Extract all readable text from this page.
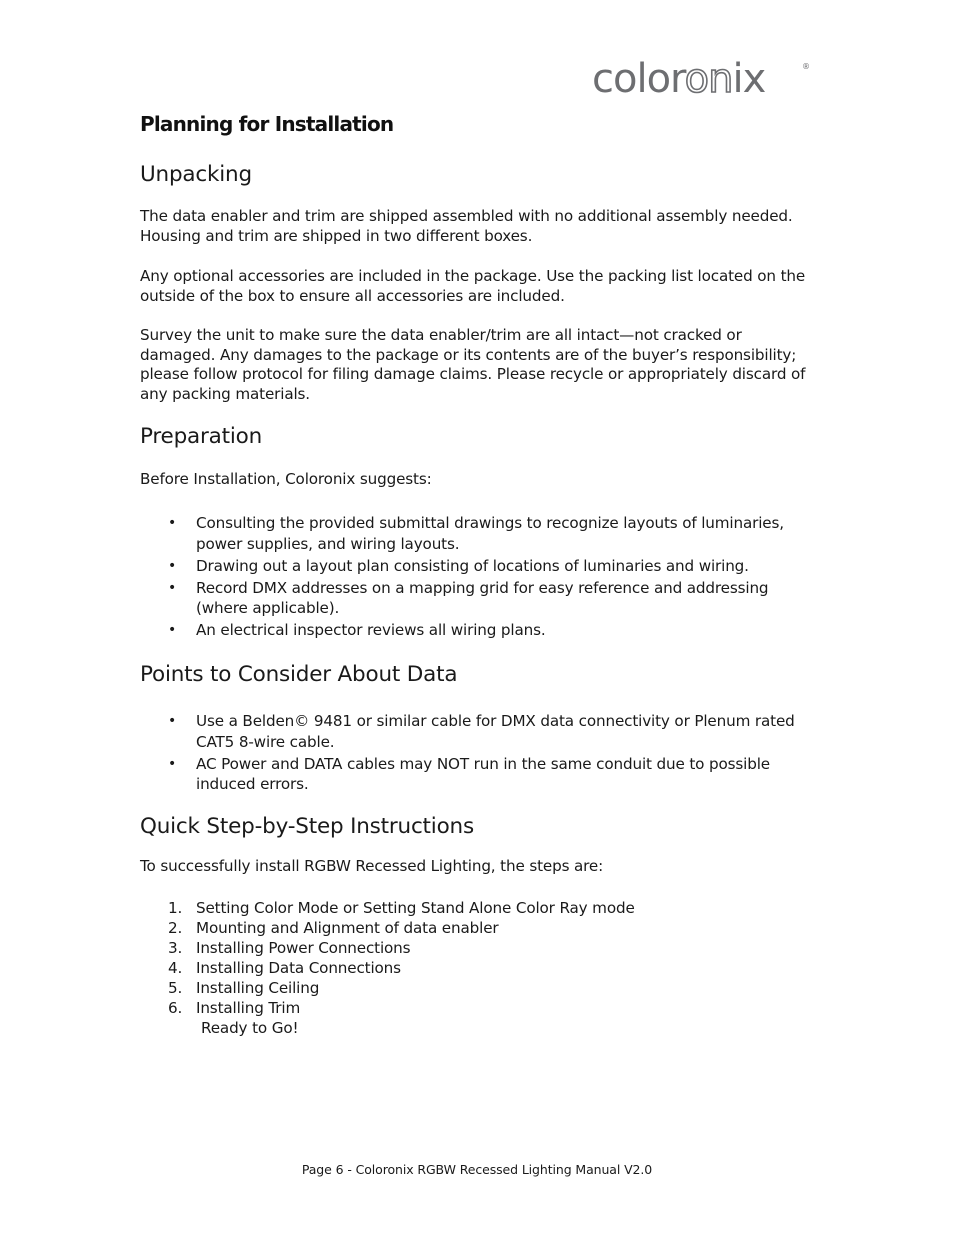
coloronix	®
Planning for Installation
Unpacking

The data enabler and trim are shipped assembled with no additional assembly needed. Housing and trim are shipped in two different boxes.

Any optional accessories are included in the package. Use the packing list located on the outside of the box to ensure all accessories are included.

Survey the unit to make sure the data enabler/trim are all intact—not cracked or damaged. Any damages to the package or its contents are of the buyer’s responsibility; please follow protocol for filing damage claims. Please recycle or appropriately discard of any packing materials.

Preparation

Before Installation, Coloronix suggests:

• Consulting the provided submittal drawings to recognize layouts of luminaries, power supplies, and wiring layouts.
• Drawing out a layout plan consisting of locations of luminaries and wiring.
• Record DMX addresses on a mapping grid for easy reference and addressing (where applicable).
• An electrical inspector reviews all wiring plans.
Points to Consider About Data
• Use a Belden© 9481 or similar cable for DMX data connectivity or Plenum rated CAT5 8-wire cable.
• AC Power and DATA cables may NOT run in the same conduit due to possible induced errors.
Quick Step-by-Step Instructions

To successfully install RGBW Recessed Lighting, the steps are:

1. Setting Color Mode or Setting Stand Alone Color Ray mode
2. Mounting and Alignment of data enabler
3. Installing Power Connections
4. Installing Data Connections
5. Installing Ceiling
6. Installing Trim
Ready to Go!
Page 6 - Coloronix RGBW Recessed Lighting Manual V2.0
